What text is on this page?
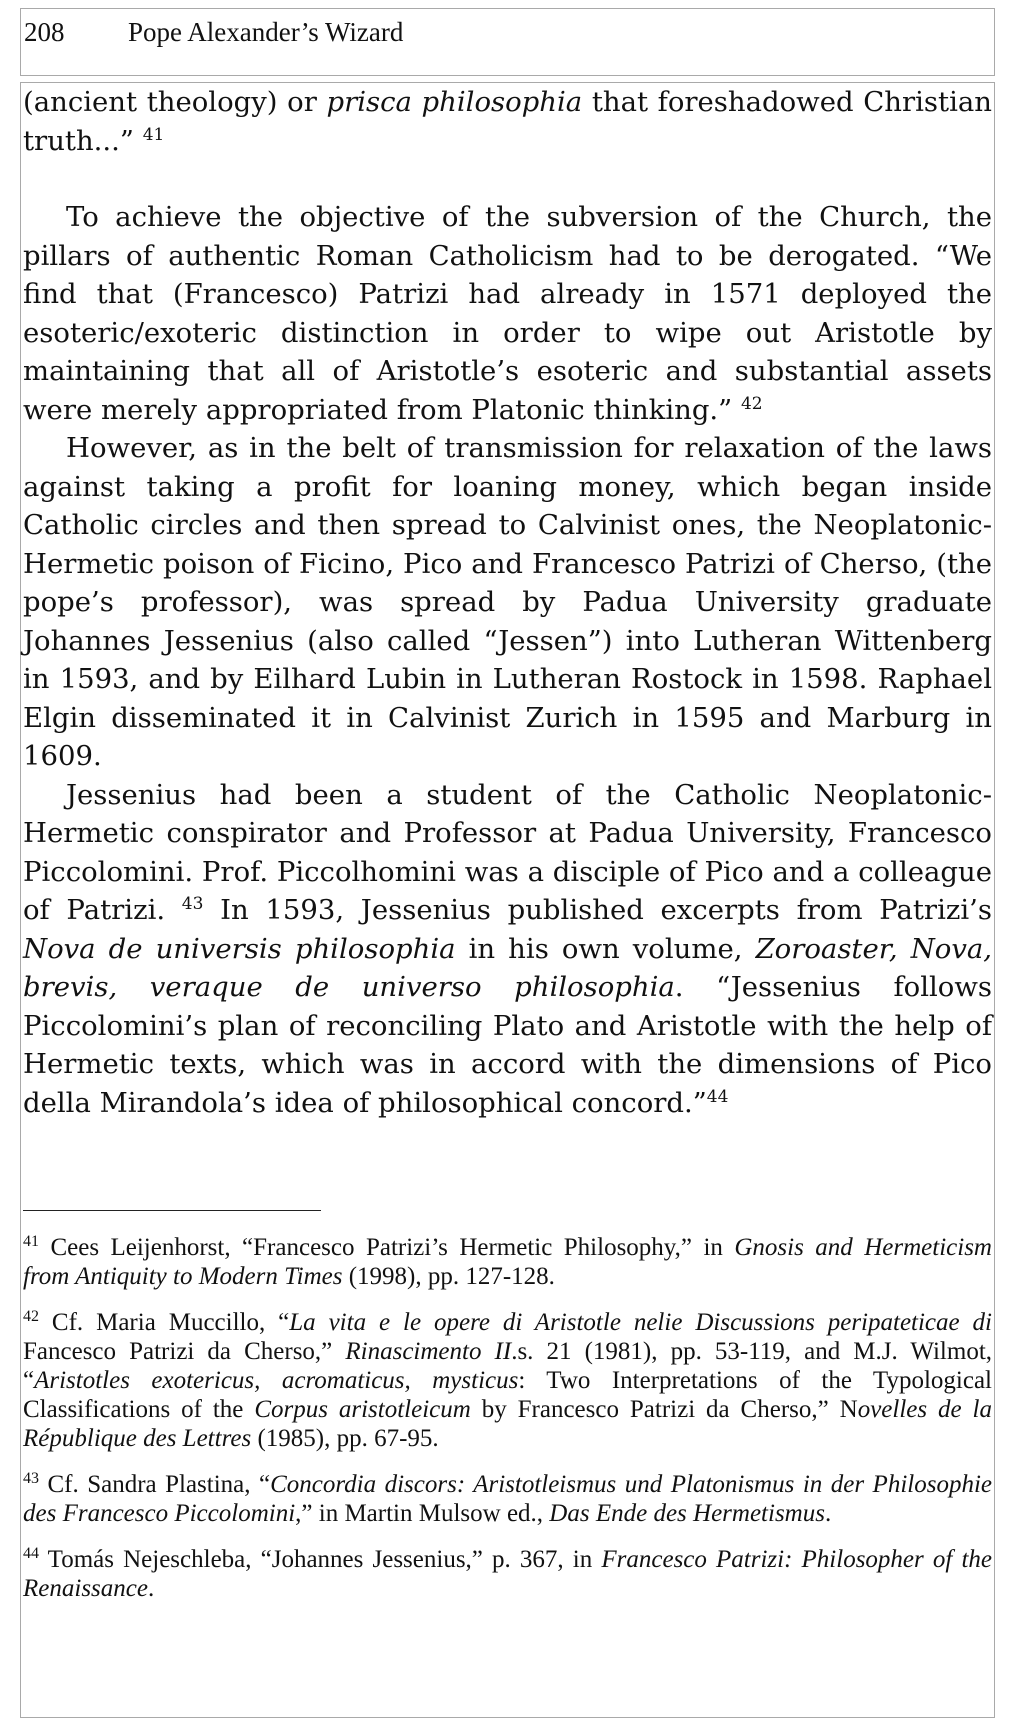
208 Pope Alexander’s Wizard

(ancient theology) or prisca philosophia that foreshadowed Christian truth...” $^{41}$

To achieve the objective of the subversion of the Church, the pillars of authentic Roman Catholicism had to be derogated. “We find that (Francesco) Patrizi had already in 1571 deployed the esoteric/exoteric distinction in order to wipe out Aristotle by maintaining that all of Aristotle’s esoteric and substantial assets were merely appropriated from Platonic thinking.” $^{42}$

However, as in the belt of transmission for relaxation of the laws against taking a profit for loaning money, which began inside Catholic circles and then spread to Calvinist ones, the Neoplatonic-Hermetic poison of Ficino, Pico and Francesco Patrizi of Cherso, (the pope’s professor), was spread by Padua University graduate Johannes Jessenius (also called “Jessen”) into Lutheran Wittenberg in 1593, and by Eilhard Lubin in Lutheran Rostock in 1598. Raphael Elgin disseminated it in Calvinist Zurich in 1595 and Marburg in 1609.

Jessenius had been a student of the Catholic Neoplatonic-Hermetic conspirator and Professor at Padua University, Francesco Piccolomini. Prof. Piccolhomini was a disciple of Pico and a colleague of Patrizi. $^{43}$ In 1593, Jessenius published excerpts from Patrizi’s Nova de universis philosophia in his own volume, Zoroaster, Nova, brevis, veraque de universo philosophia. “Jessenius follows Piccolomini’s plan of reconciling Plato and Aristotle with the help of Hermetic texts, which was in accord with the dimensions of Pico della Mirandola’s idea of philosophical concord.”$^{44}$

$^{41}$ Cees Leijenhorst, “Francesco Patrizi’s Hermetic Philosophy,” in Gnosis and Hermeticism from Antiquity to Modern Times (1998), pp. 127-128.

$^{42}$ Cf. Maria Muccillo, “La vita e le opere di Aristotle nelie Discussions peripateticae di Fancesco Patrizi da Cherso,” Rinascimento II.s. 21 (1981), pp. 53-119, and M.J. Wilmot, “Aristotles exotericus, acromaticus, mysticus: Two Interpretations of the Typological Classifications of the Corpus aristotleicum by Francesco Patrizi da Cherso,” Novelles de la République des Lettres (1985), pp. 67-95.

$^{43}$ Cf. Sandra Plastina, “Concordia discors: Aristotleismus und Platonismus in der Philosophie des Francesco Piccolomini,” in Martin Mulsow ed., Das Ende des Hermetismus.

$^{44}$ Tomás Nejeschleba, “Johannes Jessenius,” p. 367, in Francesco Patrizi: Philosopher of the Renaissance.
